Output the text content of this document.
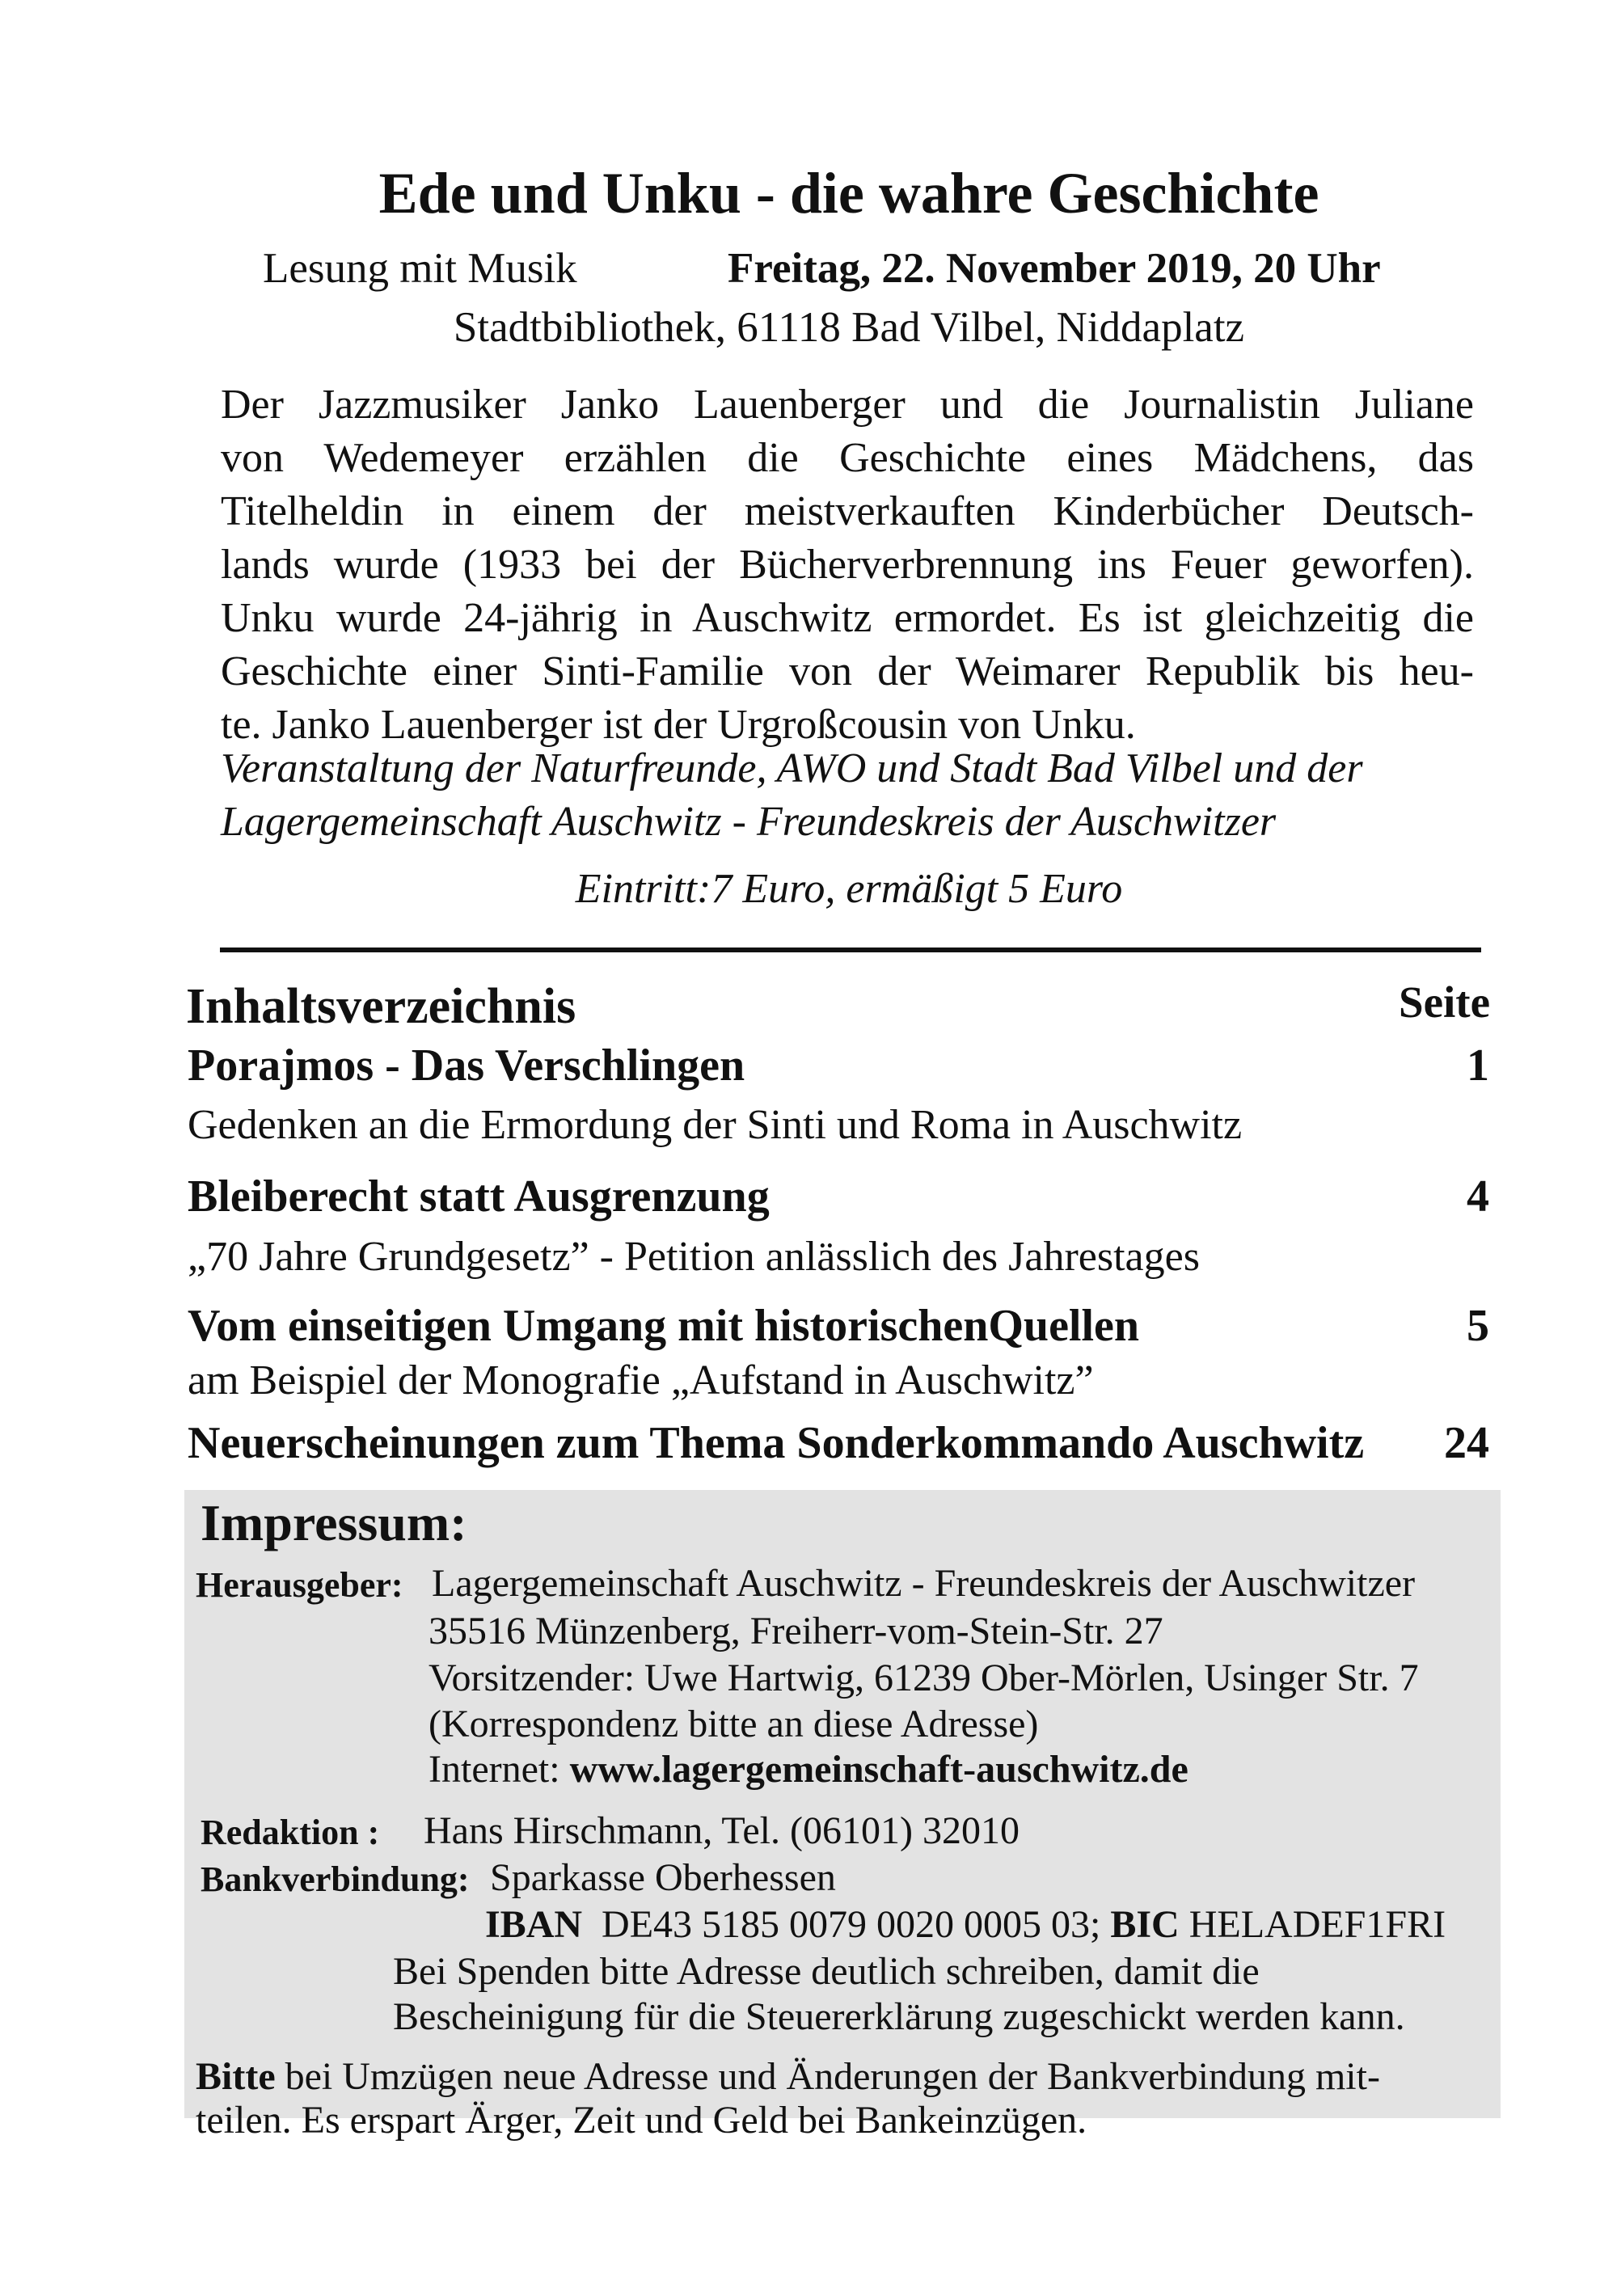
Ede und Unku - die wahre Geschichte
Lesung mit Musik	Freitag, 22. November 2019, 20 Uhr
Stadtbibliothek, 61118 Bad Vilbel, Niddaplatz
Der Jazzmusiker Janko Lauenberger und die Journalistin Juliane
von Wedemeyer erzählen die Geschichte eines Mädchens, das
Titelheldin in einem der meistverkauften Kinderbücher Deutsch-
lands wurde (1933 bei der Bücherverbrennung ins Feuer geworfen).
Unku wurde 24-jährig in Auschwitz ermordet. Es ist gleichzeitig die
Geschichte einer Sinti-Familie von der Weimarer Republik bis heu-
te. Janko Lauenberger ist der Urgroßcousin von Unku.
Veranstaltung der Naturfreunde, AWO und Stadt Bad Vilbel und der
Lagergemeinschaft Auschwitz - Freundeskreis der Auschwitzer
Eintritt:7 Euro, ermäßigt 5 Euro
Inhaltsverzeichnis	Seite
Porajmos - Das Verschlingen	1
Gedenken an die Ermordung der Sinti und Roma in Auschwitz
Bleiberecht statt Ausgrenzung	4
„70 Jahre Grundgesetz” - Petition anlässlich des Jahrestages
Vom einseitigen Umgang mit historischenQuellen	5
am Beispiel der Monografie „Aufstand in Auschwitz”
Neuerscheinungen zum Thema Sonderkommando Auschwitz 24
Impressum:
Herausgeber: Lagergemeinschaft Auschwitz - Freundeskreis der Auschwitzer
35516 Münzenberg, Freiherr-vom-Stein-Str. 27
Vorsitzender: Uwe Hartwig, 61239 Ober-Mörlen, Usinger Str. 7
(Korrespondenz bitte an diese Adresse)
Internet: www.lagergemeinschaft-auschwitz.de
Redaktion : Hans Hirschmann, Tel. (06101) 32010
Bankverbindung: Sparkasse Oberhessen
IBAN DE43 5185 0079 0020 0005 03; BIC HELADEF1FRI
Bei Spenden bitte Adresse deutlich schreiben, damit die
Bescheinigung für die Steuererklärung zugeschickt werden kann.
Bitte bei Umzügen neue Adresse und Änderungen der Bankverbindung mit-
teilen. Es erspart Ärger, Zeit und Geld bei Bankeinzügen.
